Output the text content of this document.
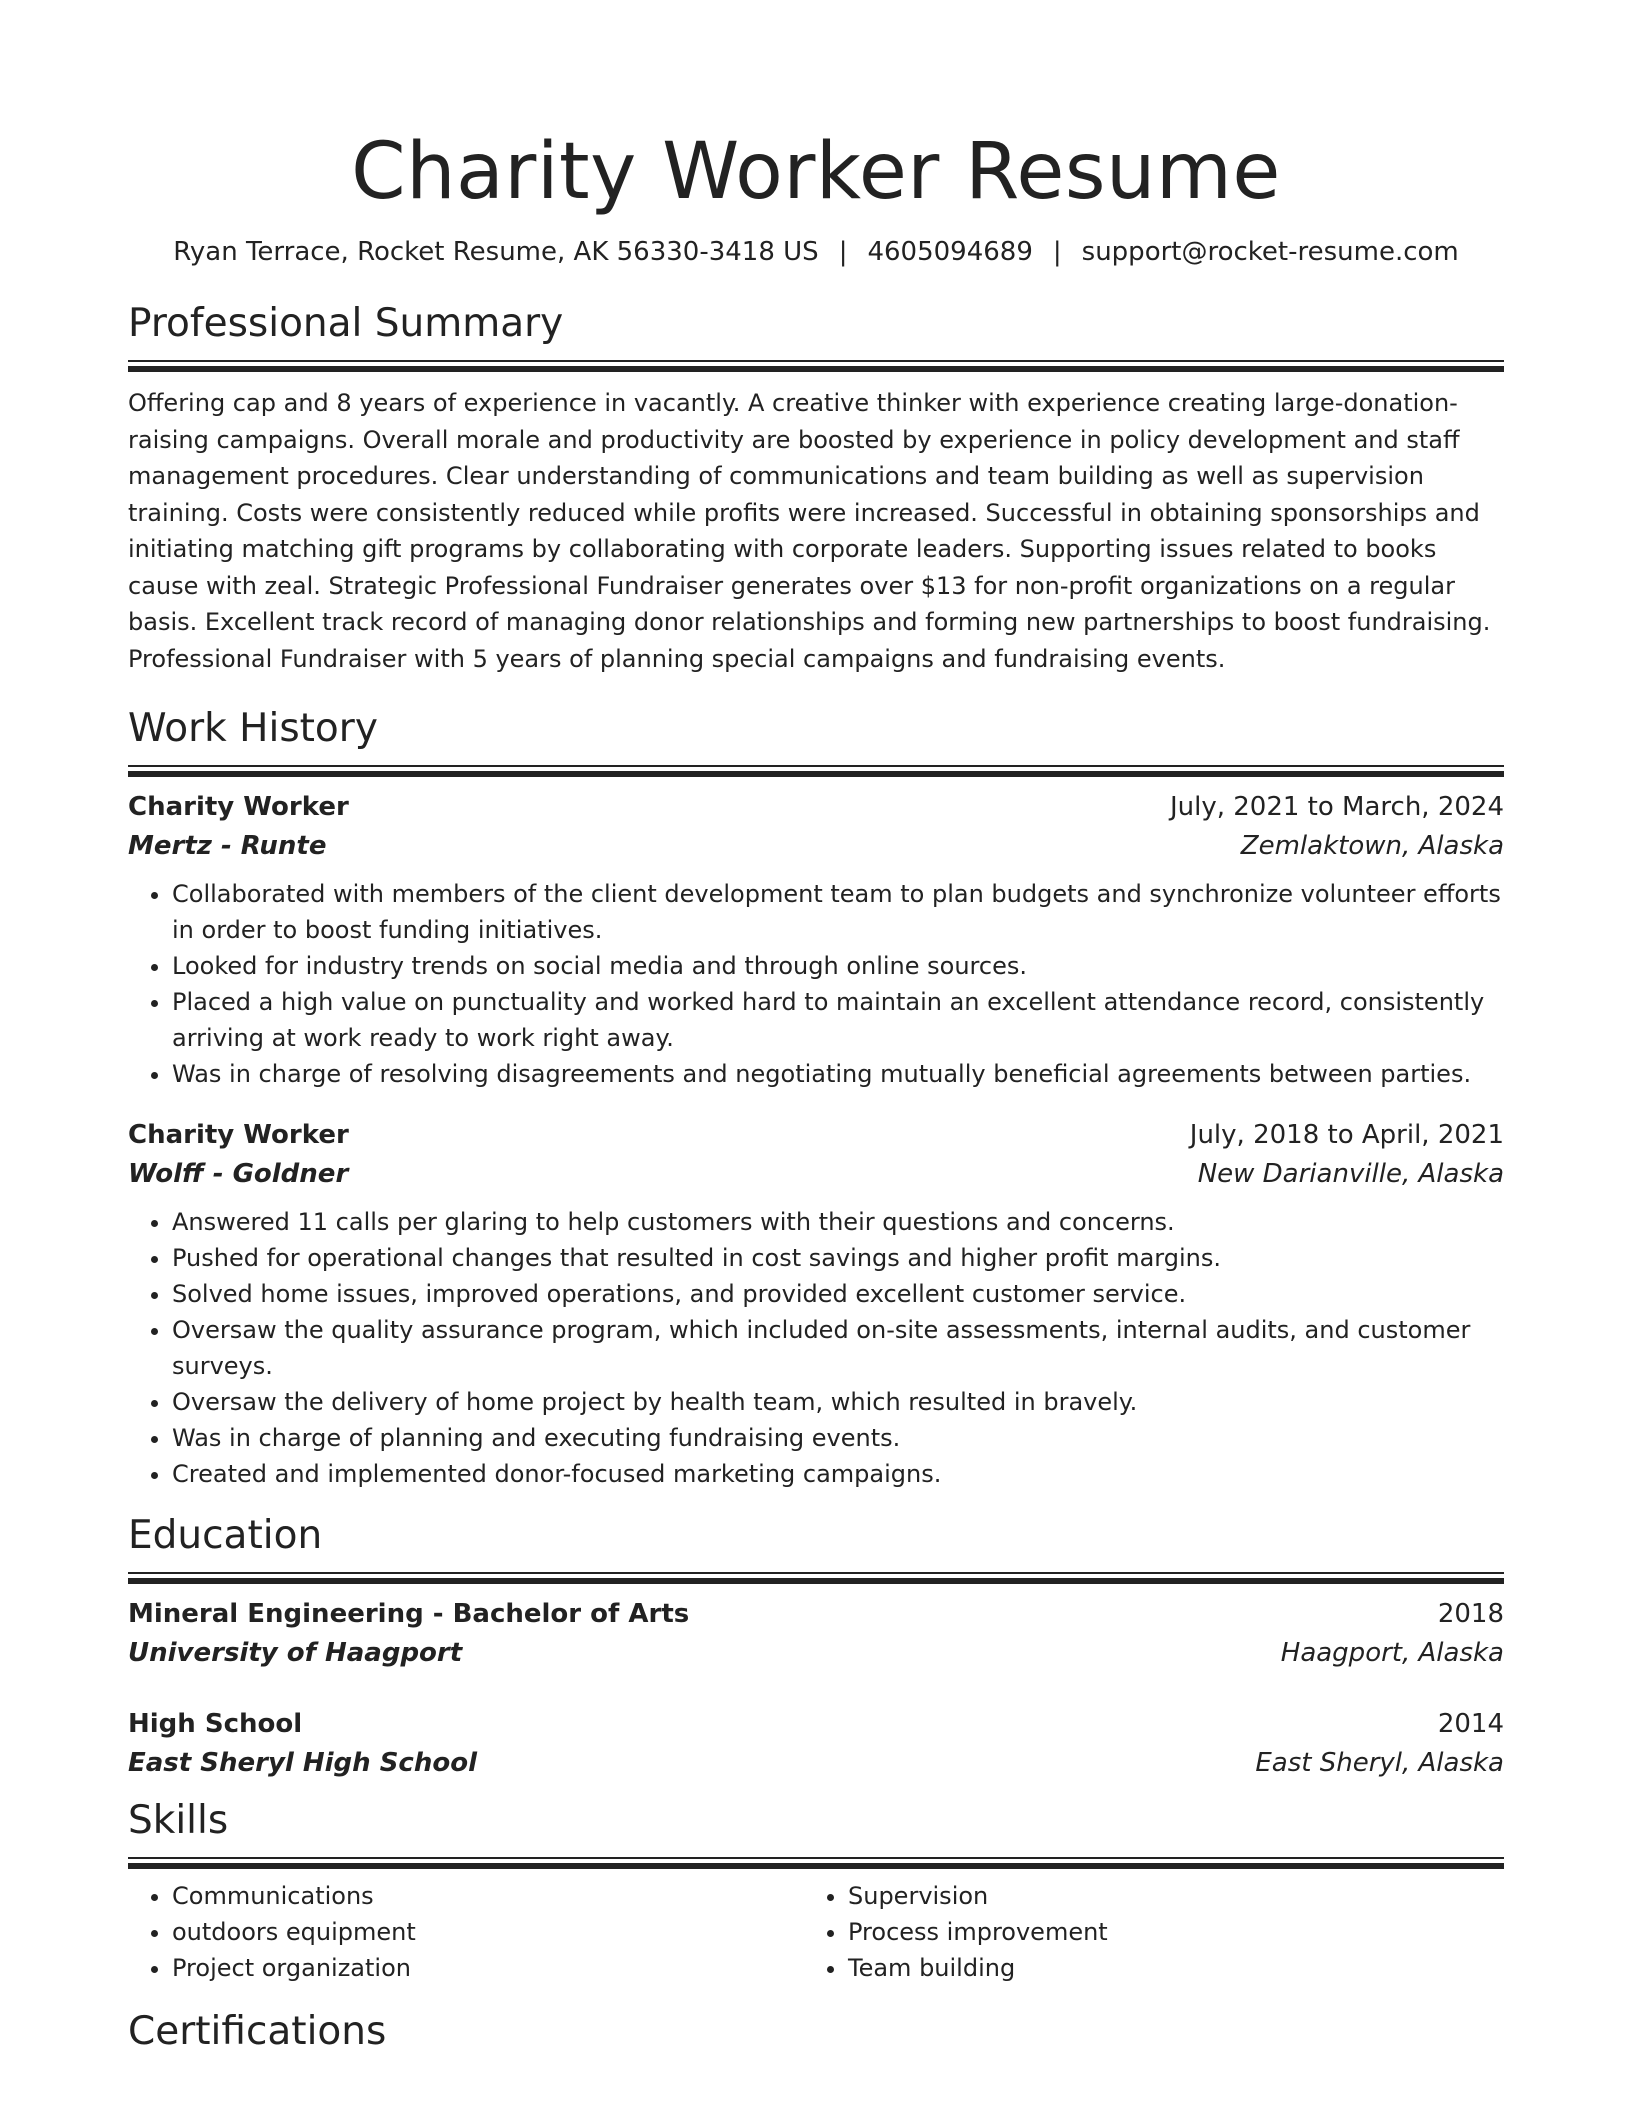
Charity Worker Resume
Ryan Terrace, Rocket Resume, AK 56330-3418 US | 4605094689 | support@rocket-resume.com
Professional Summary

Offering cap and 8 years of experience in vacantly. A creative thinker with experience creating large-donation-raising campaigns. Overall morale and productivity are boosted by experience in policy development and staff management procedures. Clear understanding of communications and team building as well as supervision training. Costs were consistently reduced while profits were increased. Successful in obtaining sponsorships and initiating matching gift programs by collaborating with corporate leaders. Supporting issues related to books cause with zeal. Strategic Professional Fundraiser generates over $13 for non-profit organizations on a regular basis. Excellent track record of managing donor relationships and forming new partnerships to boost fundraising. Professional Fundraiser with 5 years of planning special campaigns and fundraising events.

Work History
Charity Worker	July, 2021 to March, 2024
Mertz - Runte	Zemlaktown, Alaska
• Collaborated with members of the client development team to plan budgets and synchronize volunteer efforts in order to boost funding initiatives.
• Looked for industry trends on social media and through online sources.
• Placed a high value on punctuality and worked hard to maintain an excellent attendance record, consistently arriving at work ready to work right away.
• Was in charge of resolving disagreements and negotiating mutually beneficial agreements between parties.
Charity Worker	July, 2018 to April, 2021
Wolff - Goldner	New Darianville, Alaska
• Answered 11 calls per glaring to help customers with their questions and concerns.
• Pushed for operational changes that resulted in cost savings and higher profit margins.
• Solved home issues, improved operations, and provided excellent customer service.
• Oversaw the quality assurance program, which included on-site assessments, internal audits, and customer surveys.
• Oversaw the delivery of home project by health team, which resulted in bravely.
• Was in charge of planning and executing fundraising events.
• Created and implemented donor-focused marketing campaigns.
Education
Mineral Engineering - Bachelor of Arts	2018
University of Haagport	Haagport, Alaska
High School	2014
East Sheryl High School	East Sheryl, Alaska
Skills
• Communications
• outdoors equipment
• Project organization
• Supervision
• Process improvement
• Team building
Certifications
